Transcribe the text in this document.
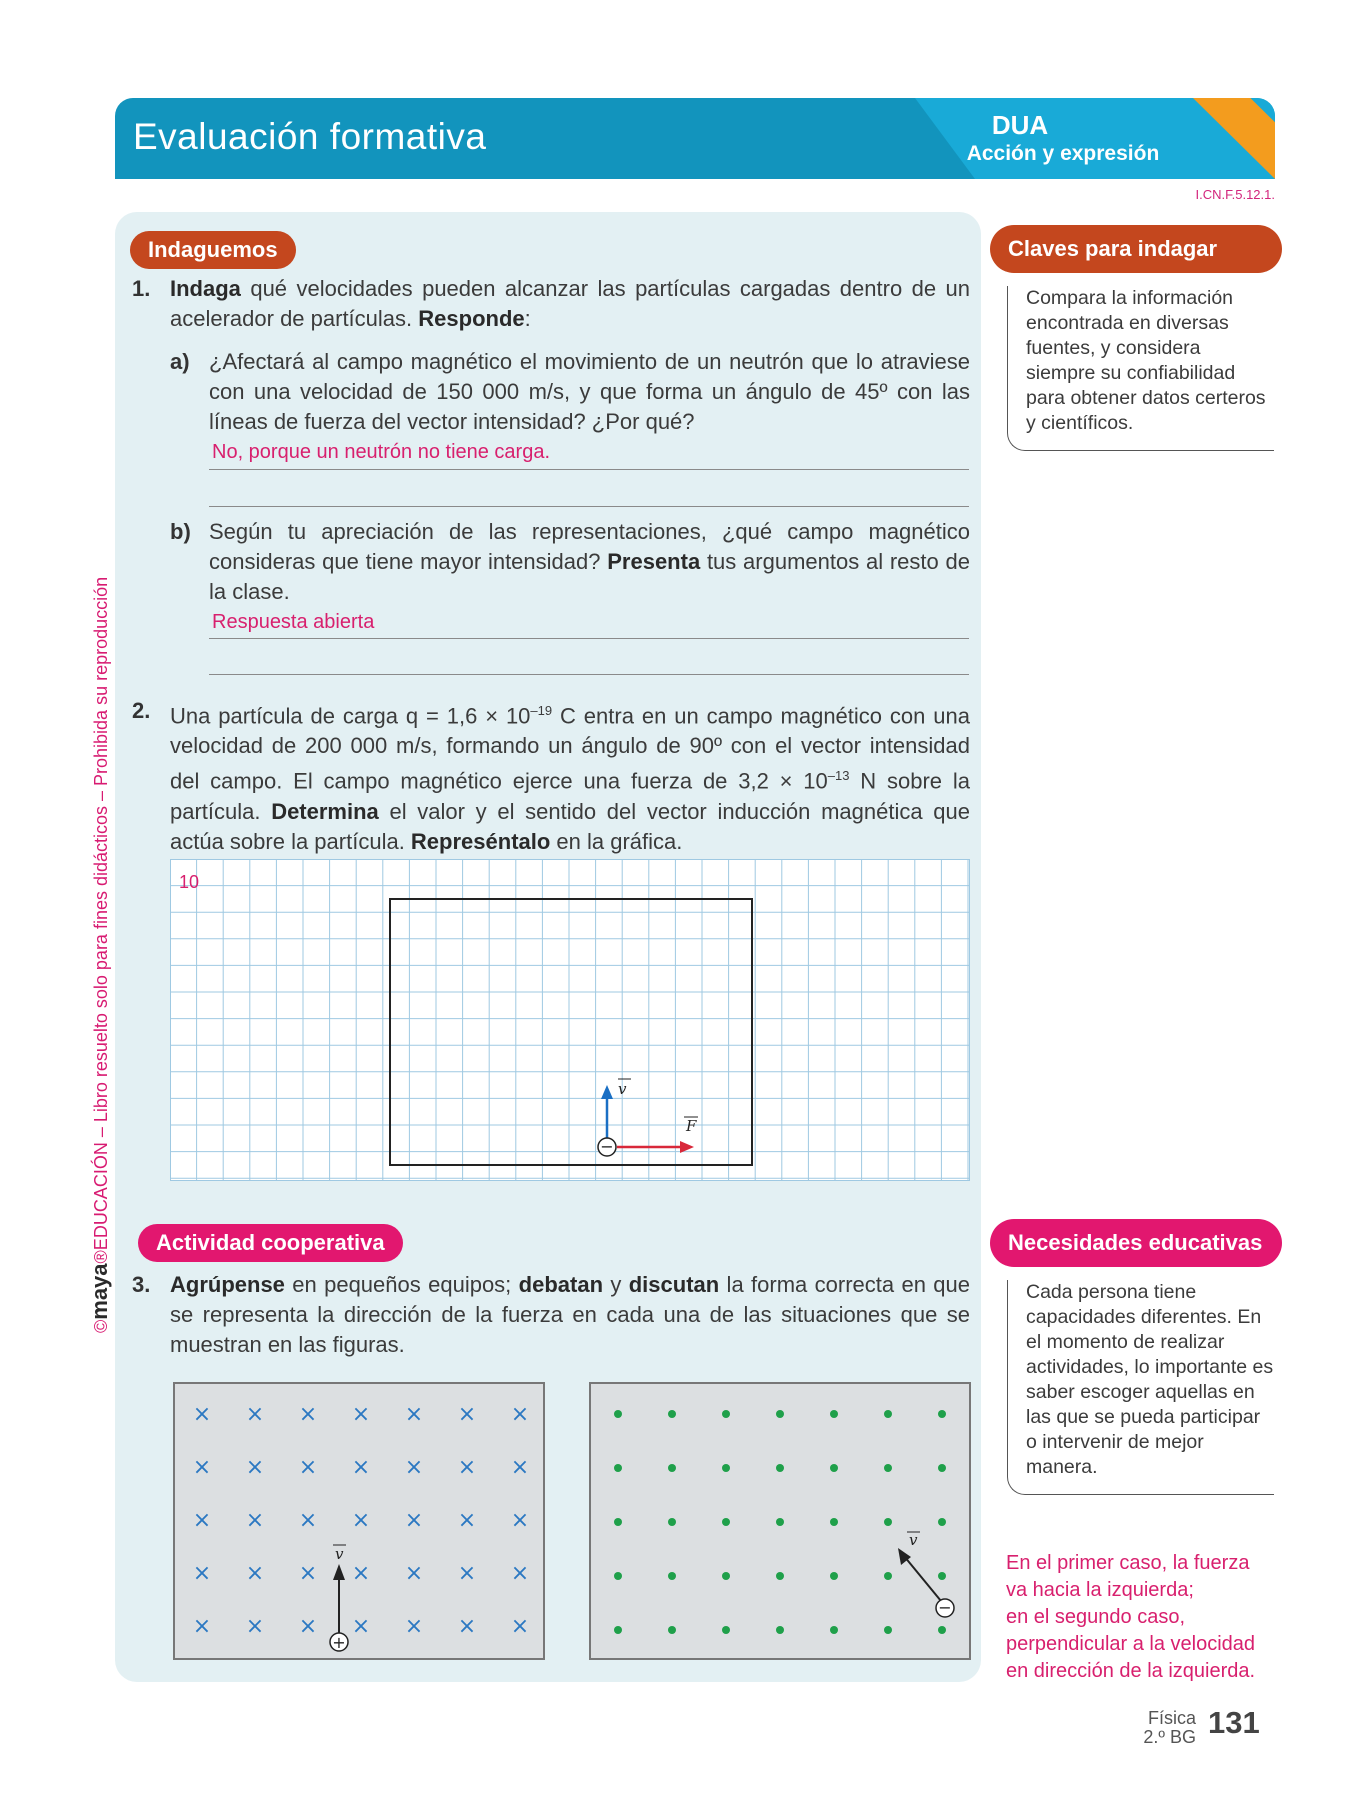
Evaluación formativa	DUA
Acción y expresión
I.CN.F.5.12.1.
©maya®EDUCACIÓN – Libro resuelto solo para fines didácticos – Prohibida su reproducción
Indaguemos
1. Indaga qué velocidades pueden alcanzar las partículas cargadas dentro de un acelerador de partículas. Responde:
a) ¿Afectará al campo magnético el movimiento de un neutrón que lo atraviese con una velocidad de 150 000 m/s, y que forma un ángulo de 45º con las líneas de fuerza del vector intensidad? ¿Por qué?
No, porque un neutrón no tiene carga.
b) Según tu apreciación de las representaciones, ¿qué campo magnético consideras que tiene mayor intensidad? Presenta tus argumentos al resto de la clase.
Respuesta abierta
2. Una partícula de carga $q = 1,6 \times 10^{-19}$ C entra en un campo magnético con una velocidad de 200 000 m/s, formando un ángulo de 90º con el vector intensidad del campo. El campo magnético ejerce una fuerza de $3,2 \times 10^{-13}$ N sobre la partícula. Determina el valor y el sentido del vector inducción magnética que actúa sobre la partícula. Represéntalo en la gráfica.
−
v
F
10
Actividad cooperativa
3. Agrúpense en pequeños equipos; debatan y discutan la forma correcta en que se representa la dirección de la fuerza en cada una de las situaciones que se muestran en las figuras.
× × × × × × ×
× × × × × × ×
× × × × × × ×
× × × × × × ×
× × × × × × ×
+
v
−
v
Claves para indagar
Compara la información encontrada en diversas fuentes, y considera siempre su confiabilidad para obtener datos certeros y científicos.
Necesidades educativas
Cada persona tiene capacidades diferentes. En el momento de realizar actividades, lo importante es saber escoger aquellas en las que se pueda participar o intervenir de mejor manera.
En el primer caso, la fuerza
va hacia la izquierda;
en el segundo caso,
perpendicular a la velocidad
en dirección de la izquierda.
Física
2.º BG 131
